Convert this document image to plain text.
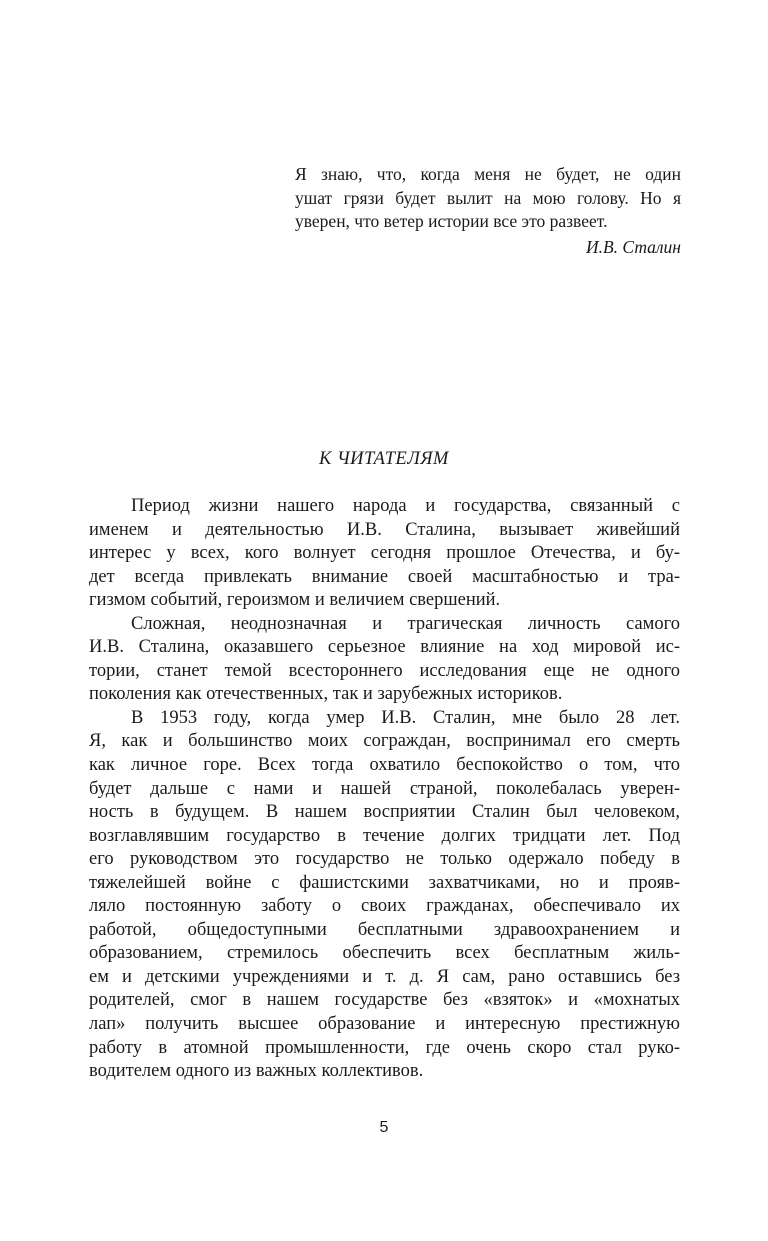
Я знаю, что, когда меня не будет, не один
ушат грязи будет вылит на мою голову. Но я
уверен, что ветер истории все это развеет.
И.В. Сталин
К ЧИТАТЕЛЯМ
Период жизни нашего народа и государства, связанный с
именем и деятельностью И.В. Сталина, вызывает живейший
интерес у всех, кого волнует сегодня прошлое Отечества, и бу-
дет всегда привлекать внимание своей масштабностью и тра-
гизмом событий, героизмом и величием свершений.
Сложная, неоднозначная и трагическая личность самого
И.В. Сталина, оказавшего серьезное влияние на ход мировой ис-
тории, станет темой всестороннего исследования еще не одного
поколения как отечественных, так и зарубежных историков.
В 1953 году, когда умер И.В. Сталин, мне было 28 лет.
Я, как и большинство моих сограждан, воспринимал его смерть
как личное горе. Всех тогда охватило беспокойство о том, что
будет дальше с нами и нашей страной, поколебалась уверен-
ность в будущем. В нашем восприятии Сталин был человеком,
возглавлявшим государство в течение долгих тридцати лет. Под
его руководством это государство не только одержало победу в
тяжелейшей войне с фашистскими захватчиками, но и прояв-
ляло постоянную заботу о своих гражданах, обеспечивало их
работой, общедоступными бесплатными здравоохранением и
образованием, стремилось обеспечить всех бесплатным жиль-
ем и детскими учреждениями и т. д. Я сам, рано оставшись без
родителей, смог в нашем государстве без «взяток» и «мохнатых
лап» получить высшее образование и интересную престижную
работу в атомной промышленности, где очень скоро стал руко-
водителем одного из важных коллективов.
5
